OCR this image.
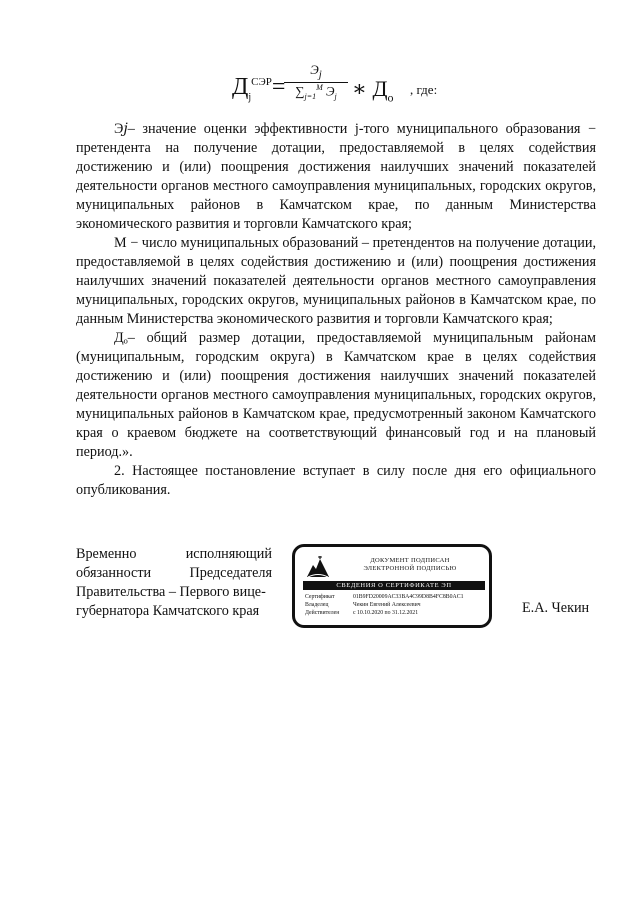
$Д_j^{СЭР}=$
$Э_j$
$\sum_{j=1}^M$ $Э_j$ ∗ $Д_о$
, где:

Э𝑗– значение оценки эффективности j-того муниципального образования − претендента на получение дотации, предоставляемой в целях содействия достижению и (или) поощрения достижения наилучших значений показателей деятельности органов местного самоуправления муниципальных, городских округов, муниципальных районов в Камчатском крае, по данным Министерства экономического развития и торговли Камчатского края;

М − число муниципальных образований – претендентов на получение дотации, предоставляемой в целях содействия достижению и (или) поощрения достижения наилучших значений показателей деятельности органов местного самоуправления муниципальных, городских округов, муниципальных районов в Камчатском крае, по данным Министерства экономического развития и торговли Камчатского края;

Дₒ– общий размер дотации, предоставляемой муниципальным районам (муниципальным, городским округа) в Камчатском крае в целях содействия достижению и (или) поощрения достижения наилучших значений показателей деятельности органов местного самоуправления муниципальных, городских округов, муниципальных районов в Камчатском крае, предусмотренный законом Камчатского края о краевом бюджете на соответствующий финансовый год и на плановый период.».

2. Настоящее постановление вступает в силу после дня его официального опубликования.

Временно исполняющий
обязанности Председателя
Правительства – Первого вице-
губернатора Камчатского края
ДОКУМЕНТ ПОДПИСАН
ЭЛЕКТРОННОЙ ПОДПИСЬЮ
СВЕДЕНИЯ О СЕРТИФИКАТЕ ЭП
Сертификат	01B9FD20009AC33BA4C99D8B4FC8B0AC1
Владелец	Чекин Евгений Алексеевич
Действителен с 10.10.2020 по 31.12.2021	Е.А. Чекин
